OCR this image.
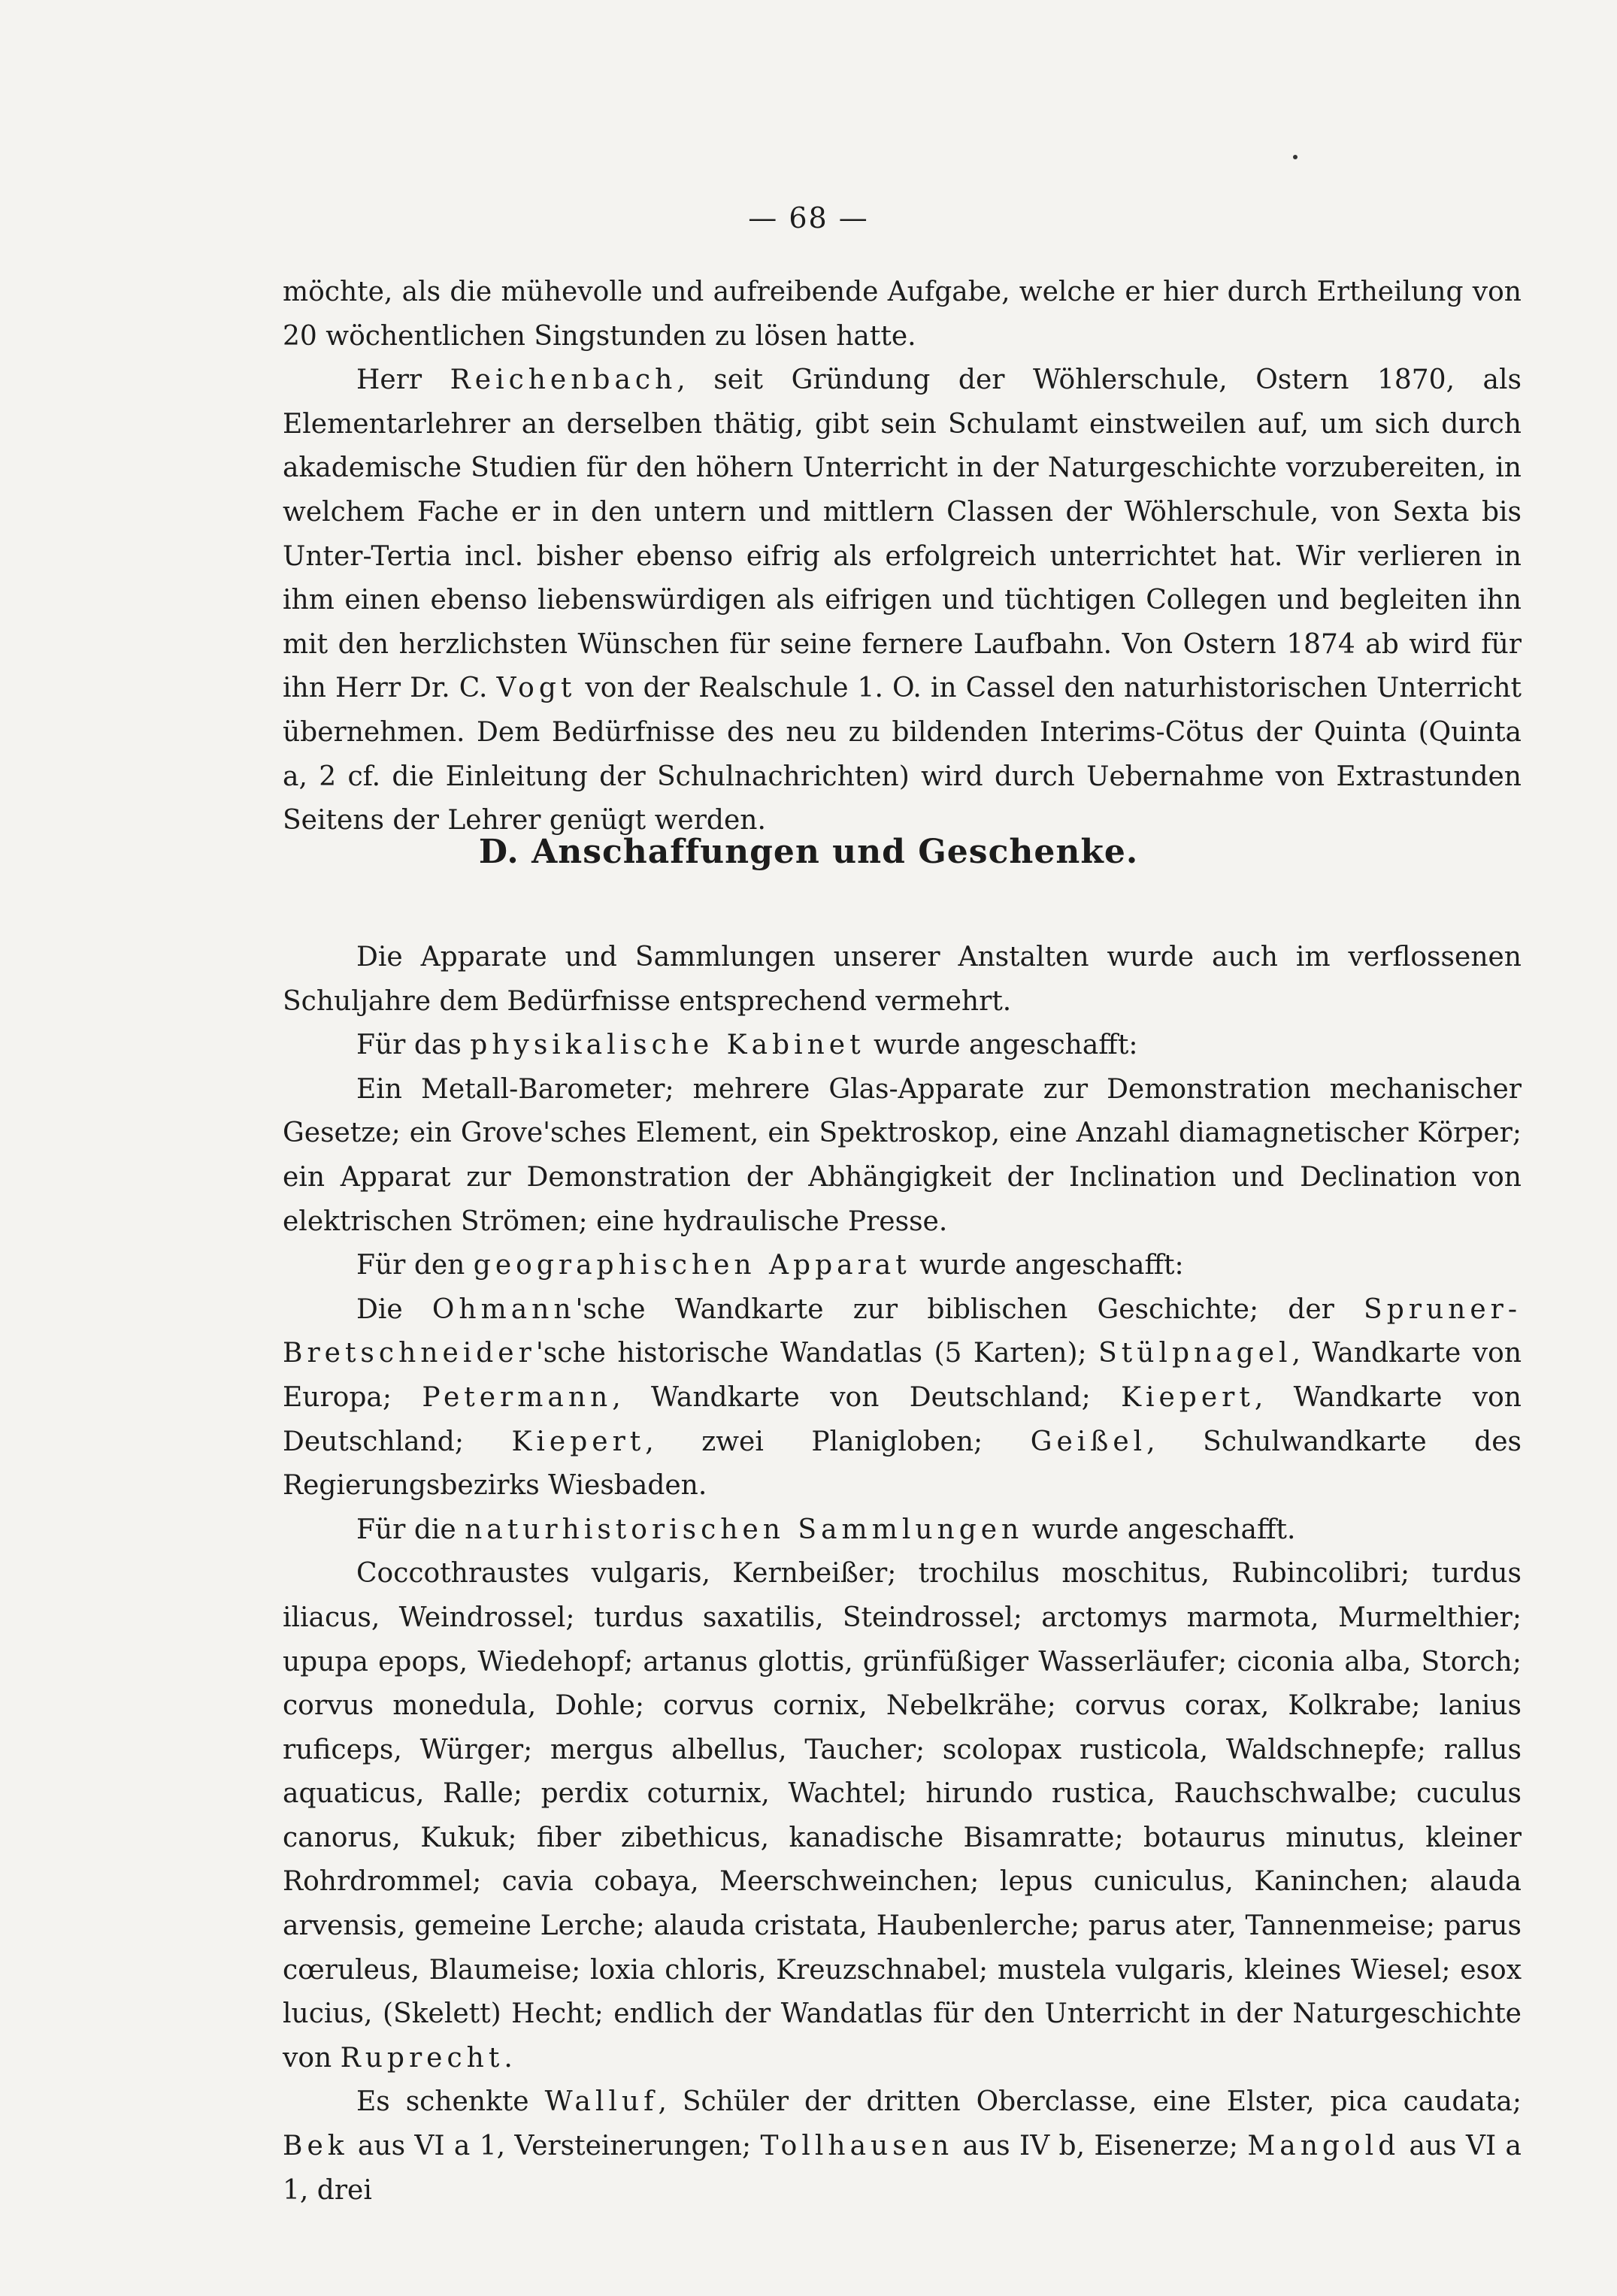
— 68 —

möchte, als die mühevolle und aufreibende Aufgabe, welche er hier durch Ertheilung von 20 wöchentlichen Singstunden zu lösen hatte.

Herr Reichenbach, seit Gründung der Wöhlerschule, Ostern 1870, als Elementarlehrer an derselben thätig, gibt sein Schulamt einstweilen auf, um sich durch akademische Studien für den höhern Unterricht in der Naturgeschichte vorzubereiten, in welchem Fache er in den untern und mittlern Classen der Wöhlerschule, von Sexta bis Unter-Tertia incl. bisher ebenso eifrig als erfolgreich unterrichtet hat. Wir verlieren in ihm einen ebenso liebenswürdigen als eifrigen und tüchtigen Collegen und begleiten ihn mit den herzlichsten Wünschen für seine fernere Laufbahn. Von Ostern 1874 ab wird für ihn Herr Dr. C. Vogt von der Realschule 1. O. in Cassel den naturhistorischen Unterricht übernehmen. Dem Bedürfnisse des neu zu bildenden Interims-Cötus der Quinta (Quinta a, 2 cf. die Einleitung der Schulnachrichten) wird durch Uebernahme von Extrastunden Seitens der Lehrer genügt werden.

D. Anschaffungen und Geschenke.

Die Apparate und Sammlungen unserer Anstalten wurde auch im verflossenen Schuljahre dem Bedürfnisse entsprechend vermehrt.

Für das physikalische Kabinet wurde angeschafft:

Ein Metall-Barometer; mehrere Glas-Apparate zur Demonstration mechanischer Gesetze; ein Grove'sches Element, ein Spektroskop, eine Anzahl diamagnetischer Körper; ein Apparat zur Demonstration der Abhängigkeit der Inclination und Declination von elektrischen Strömen; eine hydraulische Presse.

Für den geographischen Apparat wurde angeschafft:

Die Ohmann'sche Wandkarte zur biblischen Geschichte; der Spruner-Bretschneider'sche historische Wandatlas (5 Karten); Stülpnagel, Wandkarte von Europa; Petermann, Wandkarte von Deutschland; Kiepert, Wandkarte von Deutschland; Kiepert, zwei Planigloben; Geißel, Schulwandkarte des Regierungsbezirks Wiesbaden.

Für die naturhistorischen Sammlungen wurde angeschafft.

Coccothraustes vulgaris, Kernbeißer; trochilus moschitus, Rubincolibri; turdus iliacus, Weindrossel; turdus saxatilis, Steindrossel; arctomys marmota, Murmelthier; upupa epops, Wiedehopf; artanus glottis, grünfüßiger Wasserläufer; ciconia alba, Storch; corvus monedula, Dohle; corvus cornix, Nebelkrähe; corvus corax, Kolkrabe; lanius ruficeps, Würger; mergus albellus, Taucher; scolopax rusticola, Waldschnepfe; rallus aquaticus, Ralle; perdix coturnix, Wachtel; hirundo rustica, Rauchschwalbe; cuculus canorus, Kukuk; fiber zibethicus, kanadische Bisamratte; botaurus minutus, kleiner Rohrdrommel; cavia cobaya, Meerschweinchen; lepus cuniculus, Kaninchen; alauda arvensis, gemeine Lerche; alauda cristata, Haubenlerche; parus ater, Tannenmeise; parus cœruleus, Blaumeise; loxia chloris, Kreuzschnabel; mustela vulgaris, kleines Wiesel; esox lucius, (Skelett) Hecht; endlich der Wandatlas für den Unterricht in der Naturgeschichte von Ruprecht.

Es schenkte Walluf, Schüler der dritten Oberclasse, eine Elster, pica caudata; Bek aus VI a 1, Versteinerungen; Tollhausen aus IV b, Eisenerze; Mangold aus VI a 1, drei
